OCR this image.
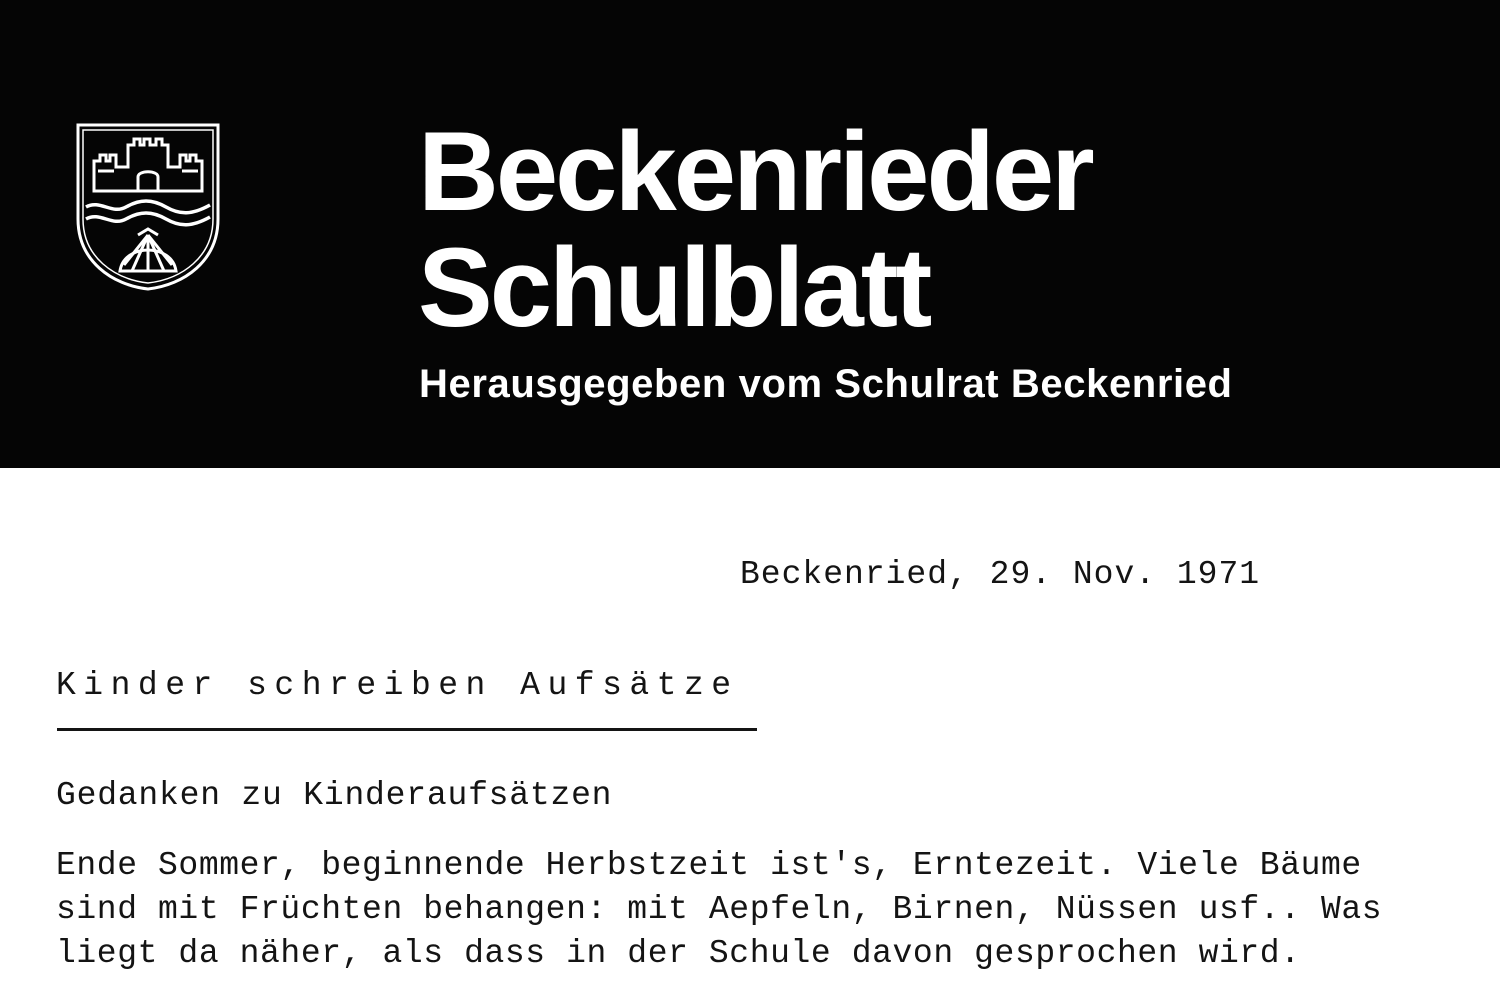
Beckenrieder
Schulblatt

Herausgegeben vom Schulrat Beckenried

Beckenried, 29. Nov. 1971

Kinder schreiben Aufsätze

Gedanken zu Kinderaufsätzen

Ende Sommer, beginnende Herbstzeit ist's, Erntezeit. Viele Bäume
sind mit Früchten behangen: mit Aepfeln, Birnen, Nüssen usf.. Was
liegt da näher, als dass in der Schule davon gesprochen wird.
